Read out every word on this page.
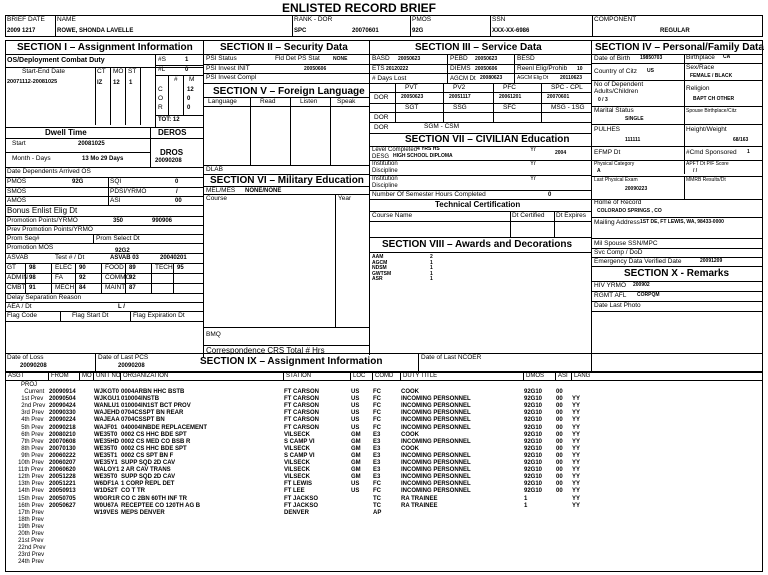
ENLISTED RECORD BRIEF
BRIEF DATE
2009 1217
NAME
ROWE, SHONDA LAVELLE
RANK - DOR
SPC	20070601
PMOS
92G
SSN
XXX-XX-6986
COMPONENT
REGULAR
SECTION I – Assignment Information
OS/Deployment Combat Duty
Start-End Date	CT MO ST
20071112-20081025	IZ 12 1
#S	1
#L	0
# M
C	12
O	0
R	0
TOT: 12
Dwell Time	DEROS
Start	20081025
Month - Days	13 Mo 29 Days
DROS
20090208
Date Dependents Arrived OS
PMOS	92G	SQI	0
SMOS	PDSI/YRMO	/
AMOS	ASI	00
Bonus Enlist Elig Dt
Promotion Points/YRMO	350	990906
Prev Promotion Points/YRMO
Prom Seq#	Prom Select Dt
Promotion MOS	92G2
ASVAB	Test # / Dt	ASVAB 03	20040201
GT 98	ELEC 90	FOOD 89	TECH 95
ADMIN 98	FA	92	COMMO
92
CMBT 91	MECH 84	MAINT 87
Delay Separation Reason
AEA / Dt	L /
Flag Code	Flag Start Dt	Flag Expiration Dt
Date of Loss
20090208
Date of Last PCS
20090208
SECTION II – Security Data
PSI Status	Fld Det PS Stat	NONE
PSI Invest INIT	20050606
PSI Invest Compl
SECTION V – Foreign Language
Language	Read	Listen	Speak
DLAB
SECTION VI – Military Education
MEL/MES NONE/NONE
Course	Year
BMQ
Correspondence CRS Total # Hrs
SECTION III – Service Data
BASD 20050623	PEBD 20050623	BESD
ETS 20120222	DIEMS 20050606	Reenl Elig/Prohib 10
# Days Lost	AGCM Dt 20080623	AGCM Elig Dt 20110623
PVT	PV2	PFC	SPC - CPL
DOR	20050623	20051117	20061201	20070601
SGT	SSG	SFC	MSG - 1SG
DOR
DOR	SGM - CSM
SECTION VII – CIVILIAN Education
Level Completed 4 YRS HS	Yr	2004
DESG HIGH SCHOOL DIPLOMA
Institution	Yr
Discipline
Institution	Yr
Discipline
Number Of Semester Hours Completed	0
Technical Certification
Course Name	Dt Certified Dt Expires
SECTION VIII – Awards and Decorations
AAM	2
AGCM	1
NDSM	1
GWTSM	1
ASR	1
SECTION IV – Personal/Family Data
Date of Birth 19850703	Birthplace CA
Country of Citz US	Sex/Race
FEMALE / BLACK
No of Dependent Adults/Children
0 / 3
Religion
BAPT CH OTHER
Marital Status
SINGLE
Spouse Birthplace/Citz
PULHES
111111
Height/Weight
68/163
EFMP Dt	#Cmd Sponsored 1
Physical Category
A
APFT Dt P/F Score
/ /
Last Physical Exam
20090223
MMRB Results/Dt
Home of Record
COLORADO SPRINGS , CO
Mailing Address 1ST DE, FT LEWIS, WA, 98433-0000
Mil Spouse SSN/MPC
Svc Comp / DoD
Emergency Data Verified Date	20091209
SECTION X - Remarks
HIV YRMO 200902
RGMT AFL CORPQM
Date Last Photo
SECTION IX – Assignment Information	Date of Last NCOER
ASGT	FROM MO UNIT NO ORGANIZATION	STATION	LOC COMD DUTY TITLE	DMOS ASI LANG
PROJ
Current 20090914	WJKGT0 0004ARBN HHC BSTB	FT CARSON	US FC	COOK	92G10 00
1st Prev 20090504	WJKGU1 010004INSTB	FT CARSON	US FC	INCOMING PERSONNEL	92G10 00 YY
2nd Prev 20090424	WANLU1 010004IN1ST BCT PROV	FT CARSON	US FC	INCOMING PERSONNEL	92G10 00 YY
3rd Prev 20090330	WAJEHD 0704CSSPT BN REAR	FT CARSON	US FC	INCOMING PERSONNEL	92G10 00 YY
4th Prev 20090224	WAJEAA 0704CSSPT BN	FT CARSON	US FC	INCOMING PERSONNEL	92G10 00 YY
5th Prev 20090218	WAJF01 040004INBDE REPLACEMENT	FT CARSON	US FC	INCOMING PERSONNEL	92G10 00 YY
6th Prev 20080210	WE35T0 0002 CS HHC BDE SPT	VILSECK	GM E3	COOK	92G10 00 YY
7th Prev 20070608	WE35HD 0002 CS MED CO BSB R	S CAMP VI	GM E3	INCOMING PERSONNEL	92G10 00 YY
8th Prev 20070130	WE35T0 0002 CS HHC BDE SPT	VILSECK	GM E3	COOK	92G10 00 YY
9th Prev 20060222	WE35T1 0002 CS SPT BN F	S CAMP VI	GM E3	INCOMING PERSONNEL	92G10 00 YY
10th Prev 20060207	WE35Y1 SUPP SQD 2D CAV	VILSECK	GM E3	INCOMING PERSONNEL	92G10 00 YY
11th Prev 20060620	WALOY1 2 AR CAV TRANS	VILSECK	GM E3	INCOMING PERSONNEL	92G10 00 YY
12th Prev 20051228	WE35T0 SUPP SQD 2D CAV	VILSECK	GM E3	INCOMING PERSONNEL	92G10 00 YY
13th Prev 20051221	W6DF1A 1 CORP REPL DET	FT LEWIS	US FC	INCOMING PERSONNEL	92G10 00 YY
14th Prev 20050913	W1D52T CO T TR	FT LEE	US FC	INCOMING PERSONNEL	92G10 00 YY
15th Prev 20050705	W0GR1R CO C 2BN 60TH INF TR	FT JACKSO	TC	RA TRAINEE	1	YY
16th Prev 20050627	W0U67A RECEPTEE CO 120TH AG B	FT JACKSO	TC	RA TRAINEE	1	YY
17th Prev	W19VES MEPS DENVER	DENVER	AP
18th Prev
19th Prev
20th Prev
21st Prev
22nd Prev
23rd Prev
24th Prev
